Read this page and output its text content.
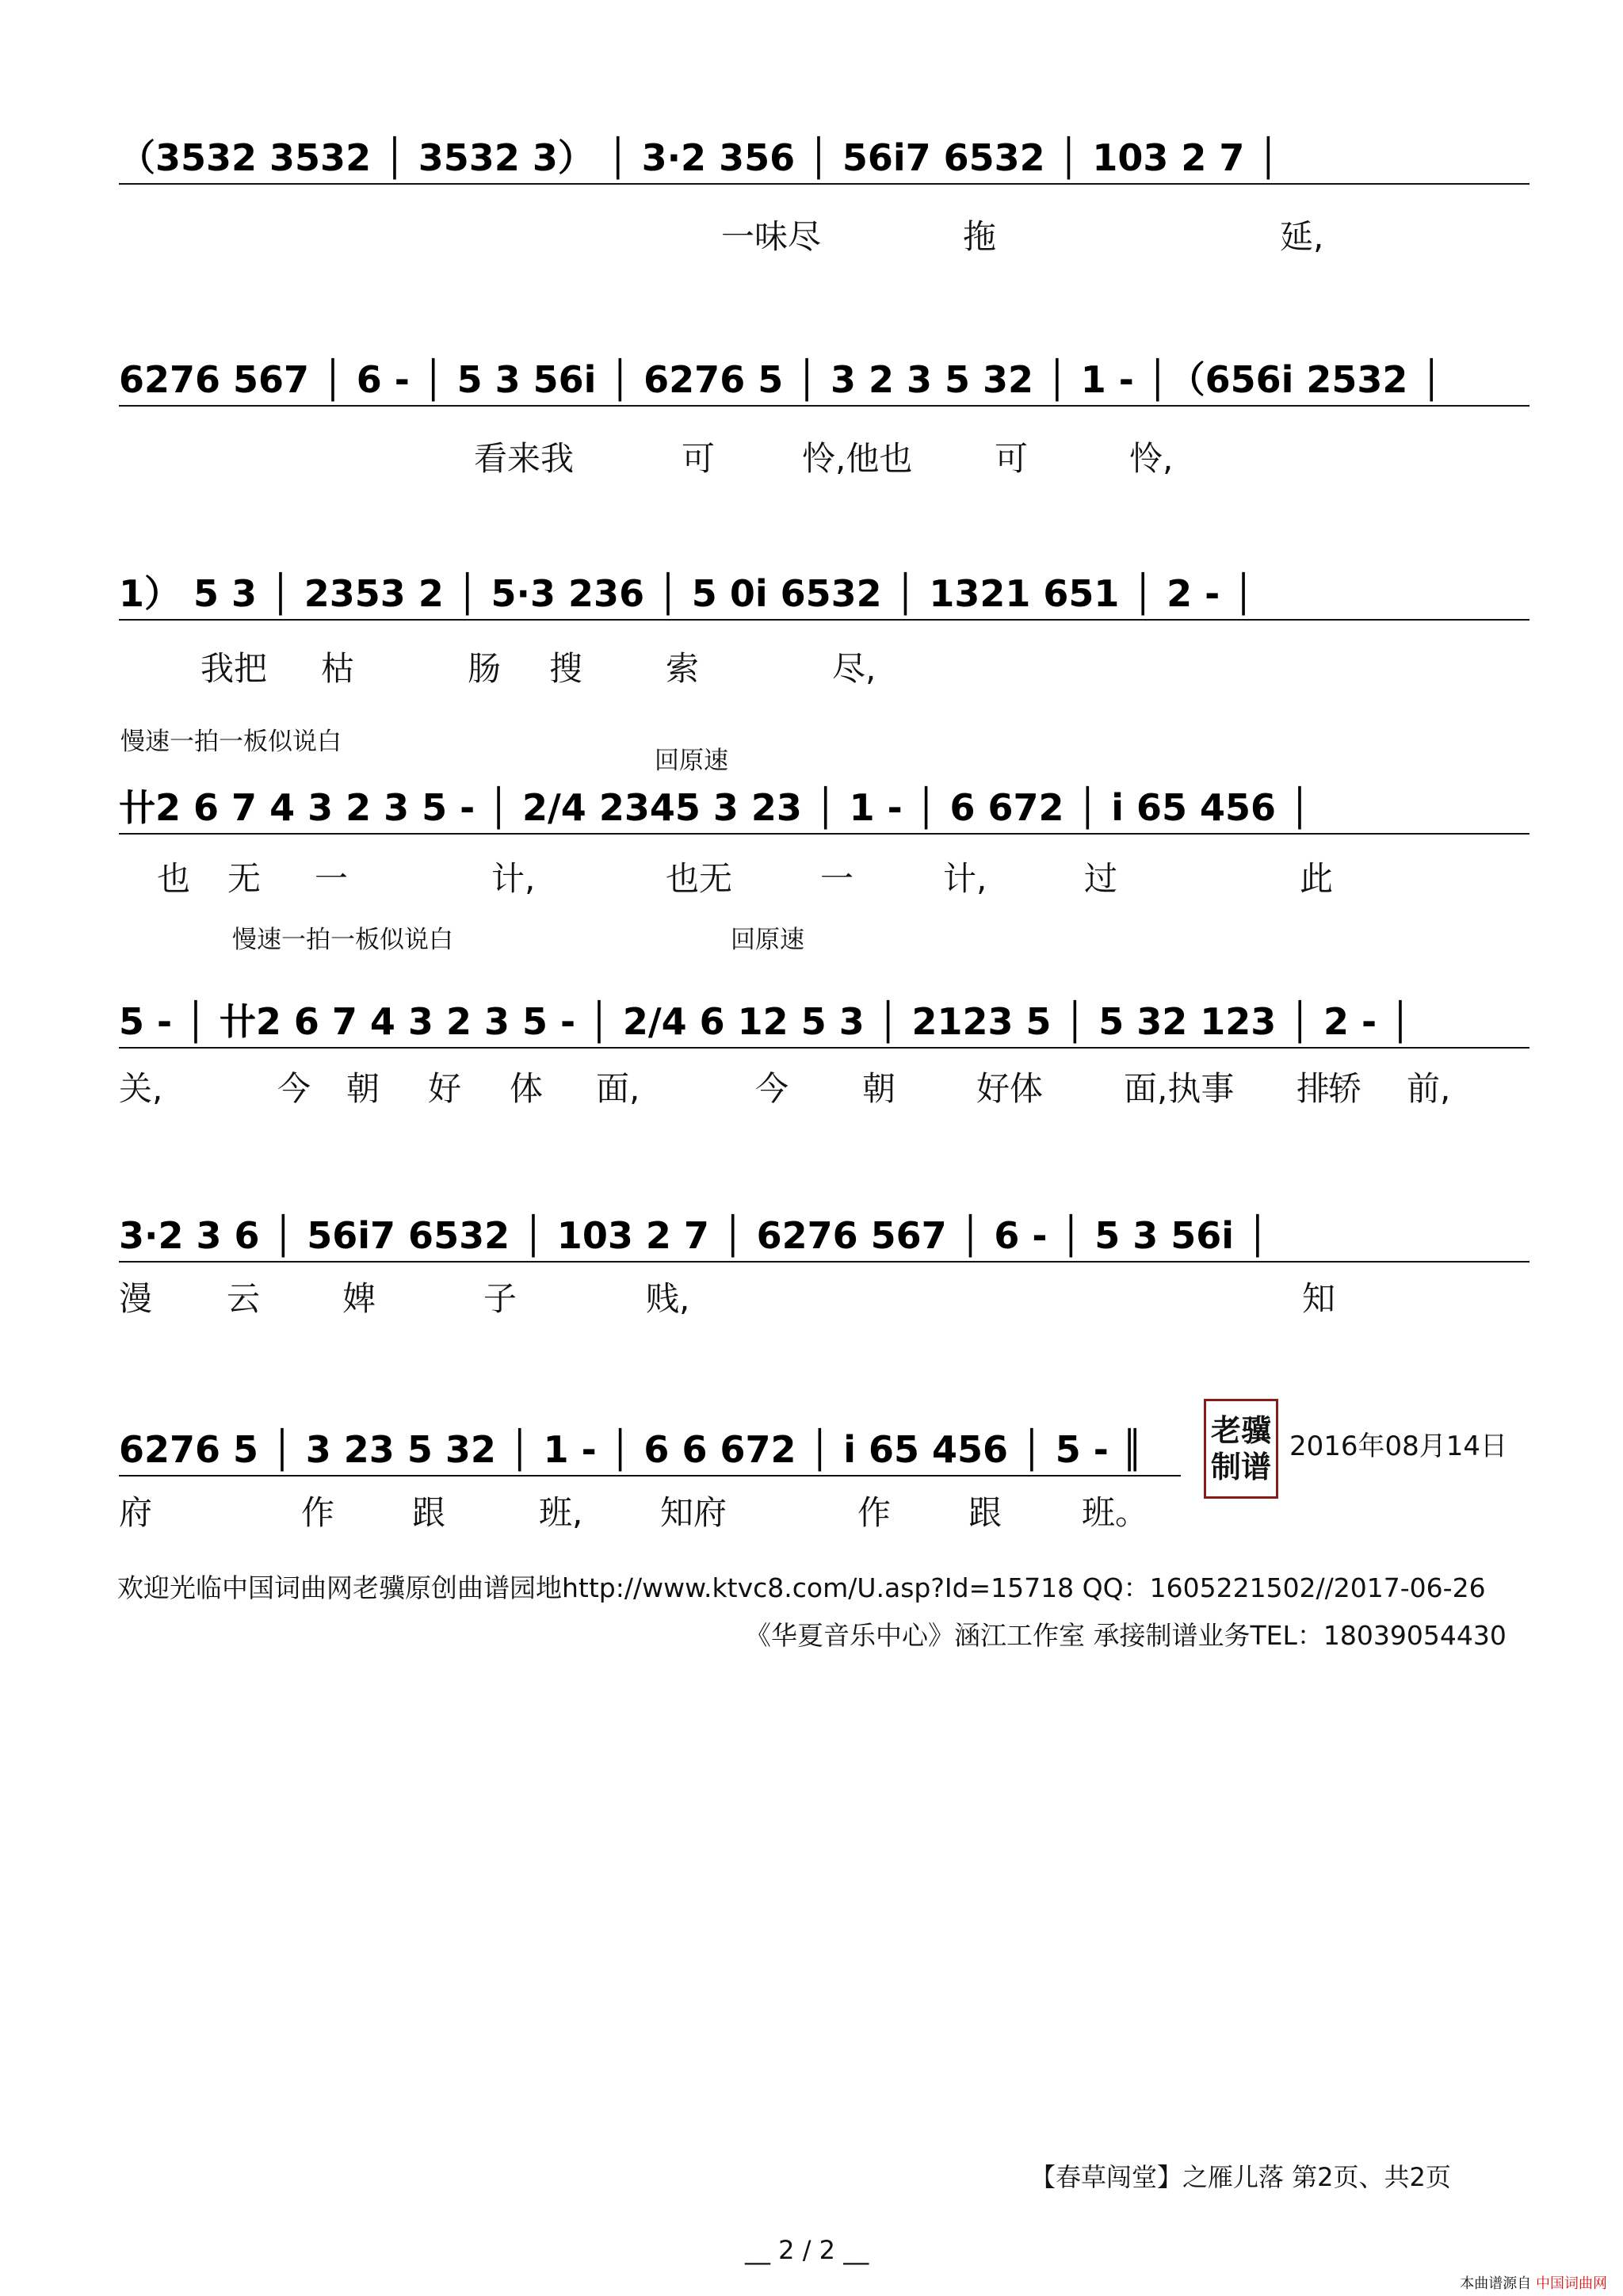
（3532 3532 │ 3532 3） │ 3·2 356 │ 56i7 6532 │ 103 2 7 │
一味尽	拖	延,
6276 567 │ 6 - │ 5 3 56i │ 6276 5 │ 3 2 3 5 32 │ 1 - │（656i 2532 │
看来我	可	怜,他也 可	怜,
1） 5 3 │ 2353 2 │ 5·3 236 │ 5 0i 6532 │ 1321 651 │ 2 - │
我把 枯	肠 搜 索	尽,
慢速一拍一板似说白
回原速
卄2 6 7 4 3 2 3 5 - │ 2/4 2345 3 23 │ 1 - │ 6 672 │ i 65 456 │
也 无 一	计,	也无	一	计,	过	此
慢速一拍一板似说白	回原速
5 - │ 卄2 6 7 4 3 2 3 5 - │ 2/4 6 12 5 3 │ 2123 5 │ 5 32 123 │ 2 - │
关,	今 朝 好 体 面,	今 朝 好体 面,执事 排
轿 前,
3·2 3 6 │ 56i7 6532 │ 103 2 7 │ 6276 567 │ 6 - │ 5 3 56i │
漫 云 婢	子	贱,	知
6276 5 │ 3 23 5 32 │ 1 - │ 6 6 672 │ i 65 456 │ 5 - ║
府	作 跟	班, 知府	作 跟 班。
老骥
制谱
2016年08月14日
欢迎光临中国词曲网老骥原创曲谱园地http://www.ktvc8.com/U.asp?Id=15718 QQ：1605221502//2017-06-26
《华夏音乐中心》涵江工作室 承接制谱业务TEL：18039054430
【春草闯堂】之雁儿落 第2页、共2页
__ 2 / 2 __
本曲谱源自 中国词曲网
